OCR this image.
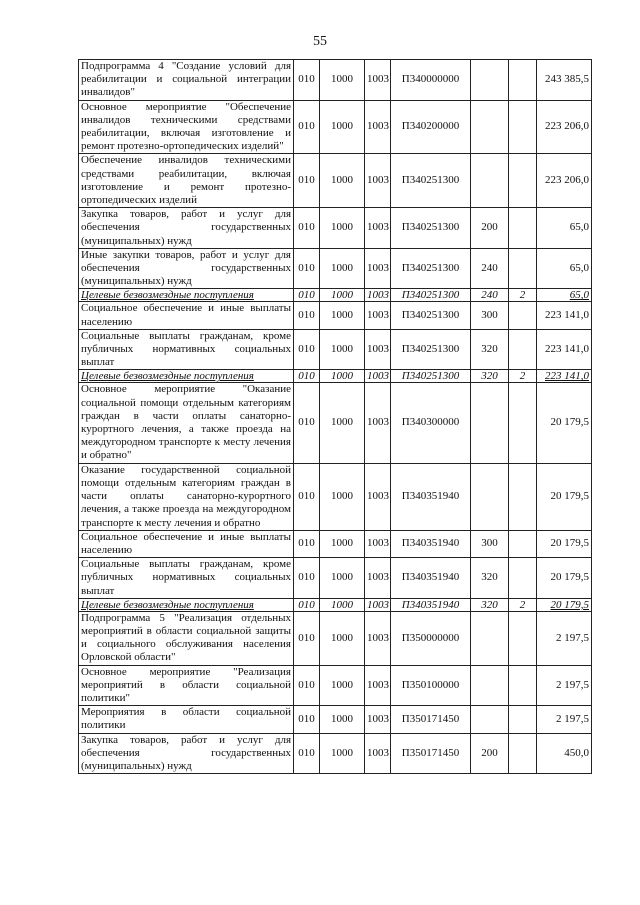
55
Подпрограмма 4 "Создание условий для реабилитации и социальной интеграции инвалидов"	010	1000	1003	П340000000			243 385,5
Основное мероприятие "Обеспечение инвалидов техническими средствами реабилитации, включая изготовление и ремонт протезно-ортопедических изделий"	010	1000	1003	П340200000			223 206,0
Обеспечение инвалидов техническими средствами реабилитации, включая изготовление и ремонт протезно-ортопедических изделий	010	1000	1003	П340251300			223 206,0
Закупка товаров, работ и услуг для обеспечения государственных (муниципальных) нужд	010	1000	1003	П340251300	200		65,0
Иные закупки товаров, работ и услуг для обеспечения государственных (муниципальных) нужд	010	1000	1003	П340251300	240		65,0
Целевые безвозмездные поступления	010	1000	1003	П340251300	240	2	65,0
Социальное обеспечение и иные выплаты населению	010	1000	1003	П340251300	300		223 141,0
Социальные выплаты гражданам, кроме публичных нормативных социальных выплат	010	1000	1003	П340251300	320		223 141,0
Целевые безвозмездные поступления	010	1000	1003	П340251300	320	2	223 141,0
Основное мероприятие "Оказание социальной помощи отдельным категориям граждан в части оплаты санаторно-курортного лечения, а также проезда на междугородном транспорте к месту лечения и обратно"	010	1000	1003	П340300000			20 179,5
Оказание государственной социальной помощи отдельным категориям граждан в части оплаты санаторно-курортного лечения, а также проезда на междугородном транспорте к месту лечения и обратно	010	1000	1003	П340351940			20 179,5
Социальное обеспечение и иные выплаты населению	010	1000	1003	П340351940	300		20 179,5
Социальные выплаты гражданам, кроме публичных нормативных социальных выплат	010	1000	1003	П340351940	320		20 179,5
Целевые безвозмездные поступления	010	1000	1003	П340351940	320	2	20 179,5
Подпрограмма 5 "Реализация отдельных мероприятий в области социальной защиты и социального обслуживания населения Орловской области"	010	1000	1003	П350000000			2 197,5
Основное мероприятие "Реализация мероприятий в области социальной политики"	010	1000	1003	П350100000			2 197,5
Мероприятия в области социальной политики	010	1000	1003	П350171450			2 197,5
Закупка товаров, работ и услуг для обеспечения государственных (муниципальных) нужд	010	1000	1003	П350171450	200		450,0
